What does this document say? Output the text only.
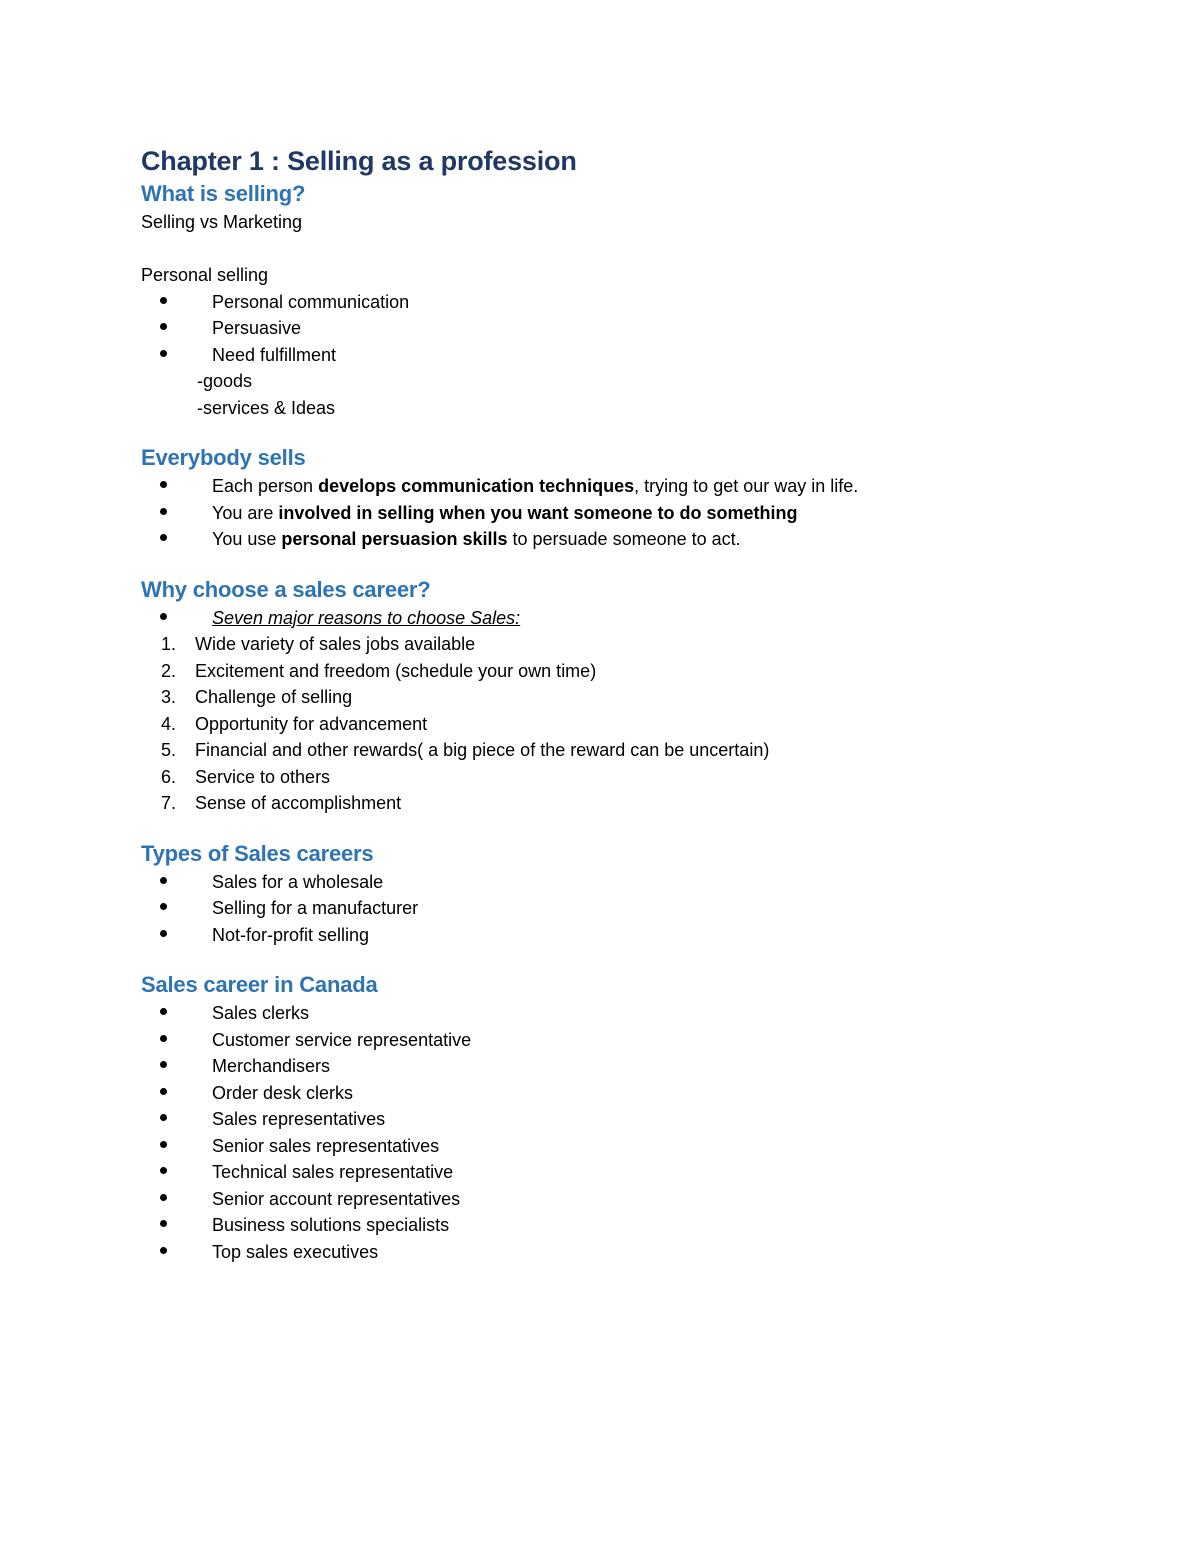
Chapter 1 : Selling as a profession
What is selling?

Selling vs Marketing

Personal selling

Personal communication
Persuasive
Need fulfillment

-goods

-services & Ideas

Everybody sells
Each person develops communication techniques, trying to get our way in life.
You are involved in selling when you want someone to do something
You use personal persuasion skills to persuade someone to act.
Why choose a sales career?
Seven major reasons to choose Sales:
1. Wide variety of sales jobs available
2. Excitement and freedom (schedule your own time)
3. Challenge of selling
4. Opportunity for advancement
5. Financial and other rewards( a big piece of the reward can be uncertain)
6. Service to others
7. Sense of accomplishment
Types of Sales careers
Sales for a wholesale
Selling for a manufacturer
Not-for-profit selling
Sales career in Canada
Sales clerks
Customer service representative
Merchandisers
Order desk clerks
Sales representatives
Senior sales representatives
Technical sales representative
Senior account representatives
Business solutions specialists
Top sales executives
